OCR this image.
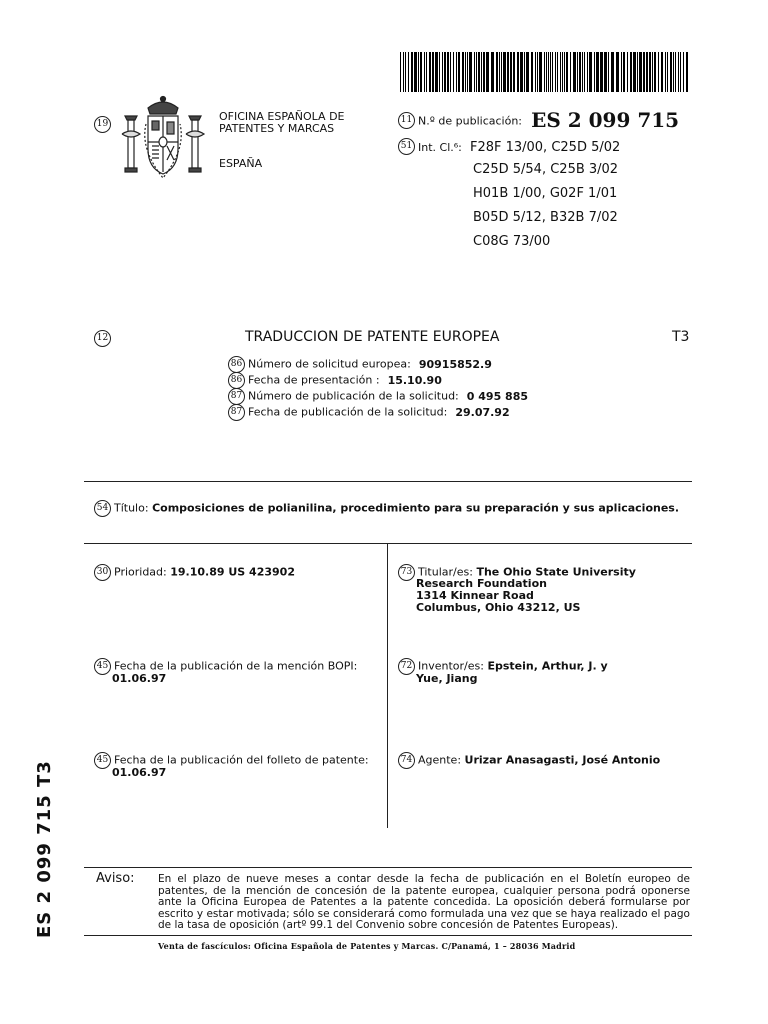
19
OFICINA ESPAÑOLA DE
PATENTES Y MARCAS
ESPAÑA
11 N.º de publicación: ES 2 099 715
51 Int. Cl.⁶: F28F 13/00, C25D 5/02
C25D 5/54, C25B 3/02
H01B 1/00, G02F 1/01
B05D 5/12, B32B 7/02
C08G 73/00
12	TRADUCCION DE PATENTE EUROPEA	T3
86 Número de solicitud europea: 90915852.9
86 Fecha de presentación : 15.10.90
87 Número de publicación de la solicitud: 0 495 885
87 Fecha de publicación de la solicitud: 29.07.92
54 Título: Composiciones de polianilina, procedimiento para su preparación y sus aplicaciones.
30 Prioridad: 19.10.89 US 423902	73 Titular/es: The Ohio State University
Research Foundation
1314 Kinnear Road
Columbus, Ohio 43212, US
45 Fecha de la publicación de la mención BOPI:
01.06.97
72 Inventor/es: Epstein, Arthur, J. y
Yue, Jiang
45 Fecha de la publicación del folleto de patente:
01.06.97
74 Agente: Urizar Anasagasti, José Antonio
ES 2 099 715 T3	Aviso: En el plazo de nueve meses a contar desde la fecha de publicación en el Boletín europeo de patentes, de la mención de concesión de la patente europea, cualquier persona podrá oponerse ante la Oficina Europea de Patentes a la patente concedida. La oposición deberá formularse por escrito y estar motivada; sólo se considerará como formulada una vez que se haya realizado el pago de la tasa de oposición (artº 99.1 del Convenio sobre concesión de Patentes Europeas).
Venta de fascículos: Oficina Española de Patentes y Marcas. C/Panamá, 1 – 28036 Madrid
